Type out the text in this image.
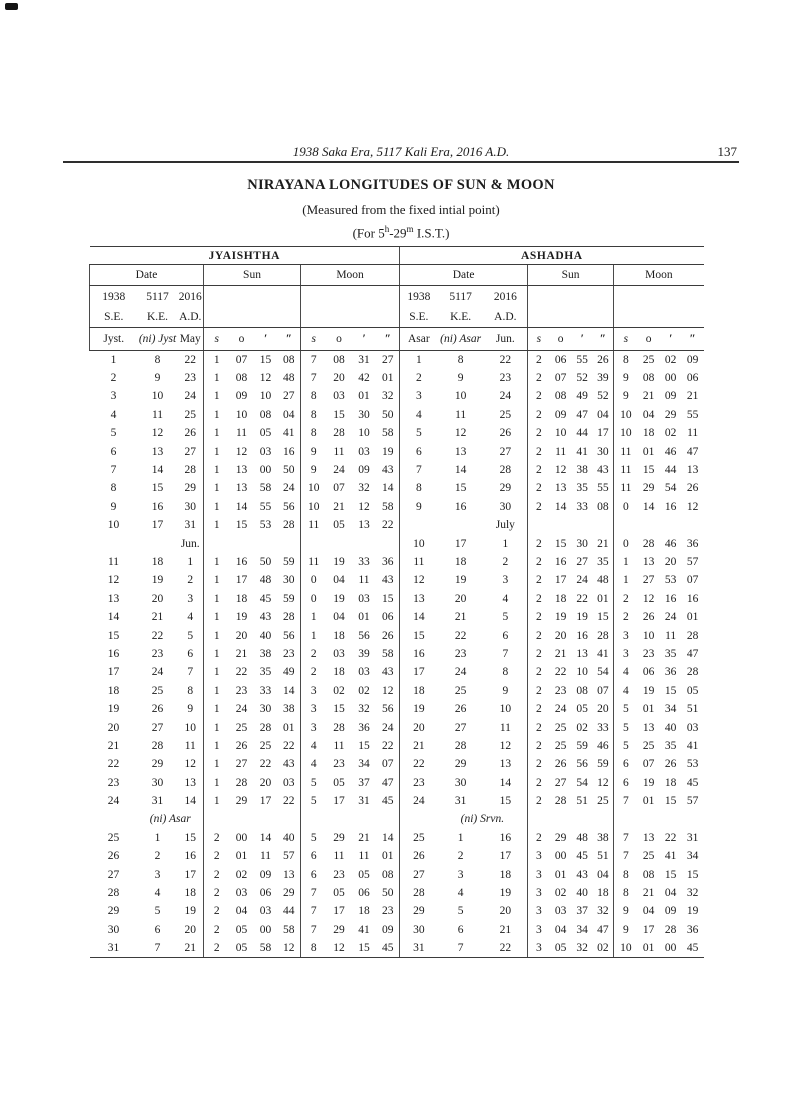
1938 Saka Era, 5117 Kali Era, 2016 A.D.	137
NIRAYANA LONGITUDES OF SUN & MOON
(Measured from the fixed intial point)
(For 5$^h$-29$^m$ I.S.T.)
JYAISHTHA											ASHADHA										
Date			Sun				Moon				Date			Sun				Moon			
1938	5117	2016									1938	5117	2016								
S.E.	K.E.	A.D.									S.E.	K.E.	A.D.								
Jyst.	(ni) Jyst	May	s	o	′	″	s	o	′	″	Asar	(ni) Asar	Jun.	s	o	′	″	s	o	′	″
1	8	22	1	07	15	08	7	08	31	27	1	8	22	2	06	55	26	8	25	02	09
2	9	23	1	08	12	48	7	20	42	01	2	9	23	2	07	52	39	9	08	00	06
3	10	24	1	09	10	27	8	03	01	32	3	10	24	2	08	49	52	9	21	09	21
4	11	25	1	10	08	04	8	15	30	50	4	11	25	2	09	47	04	10	04	29	55
5	12	26	1	11	05	41	8	28	10	58	5	12	26	2	10	44	17	10	18	02	11
6	13	27	1	12	03	16	9	11	03	19	6	13	27	2	11	41	30	11	01	46	47
7	14	28	1	13	00	50	9	24	09	43	7	14	28	2	12	38	43	11	15	44	13
8	15	29	1	13	58	24	10	07	32	14	8	15	29	2	13	35	55	11	29	54	26
9	16	30	1	14	55	56	10	21	12	58	9	16	30	2	14	33	08	0	14	16	12
10	17	31	1	15	53	28	11	05	13	22			July								
		Jun.									10	17	1	2	15	30	21	0	28	46	36
11	18	1	1	16	50	59	11	19	33	36	11	18	2	2	16	27	35	1	13	20	57
12	19	2	1	17	48	30	0	04	11	43	12	19	3	2	17	24	48	1	27	53	07
13	20	3	1	18	45	59	0	19	03	15	13	20	4	2	18	22	01	2	12	16	16
14	21	4	1	19	43	28	1	04	01	06	14	21	5	2	19	19	15	2	26	24	01
15	22	5	1	20	40	56	1	18	56	26	15	22	6	2	20	16	28	3	10	11	28
16	23	6	1	21	38	23	2	03	39	58	16	23	7	2	21	13	41	3	23	35	47
17	24	7	1	22	35	49	2	18	03	43	17	24	8	2	22	10	54	4	06	36	28
18	25	8	1	23	33	14	3	02	02	12	18	25	9	2	23	08	07	4	19	15	05
19	26	9	1	24	30	38	3	15	32	56	19	26	10	2	24	05	20	5	01	34	51
20	27	10	1	25	28	01	3	28	36	24	20	27	11	2	25	02	33	5	13	40	03
21	28	11	1	26	25	22	4	11	15	22	21	28	12	2	25	59	46	5	25	35	41
22	29	12	1	27	22	43	4	23	34	07	22	29	13	2	26	56	59	6	07	26	53
23	30	13	1	28	20	03	5	05	37	47	23	30	14	2	27	54	12	6	19	18	45
24	31	14	1	29	17	22	5	17	31	45	24	31	15	2	28	51	25	7	01	15	57
	(ni) Asar											(ni) Srvn.									
25	1	15	2	00	14	40	5	29	21	14	25	1	16	2	29	48	38	7	13	22	31
26	2	16	2	01	11	57	6	11	11	01	26	2	17	3	00	45	51	7	25	41	34
27	3	17	2	02	09	13	6	23	05	08	27	3	18	3	01	43	04	8	08	15	15
28	4	18	2	03	06	29	7	05	06	50	28	4	19	3	02	40	18	8	21	04	32
29	5	19	2	04	03	44	7	17	18	23	29	5	20	3	03	37	32	9	04	09	19
30	6	20	2	05	00	58	7	29	41	09	30	6	21	3	04	34	47	9	17	28	36
31	7	21	2	05	58	12	8	12	15	45	31	7	22	3	05	32	02	10	01	00	45
